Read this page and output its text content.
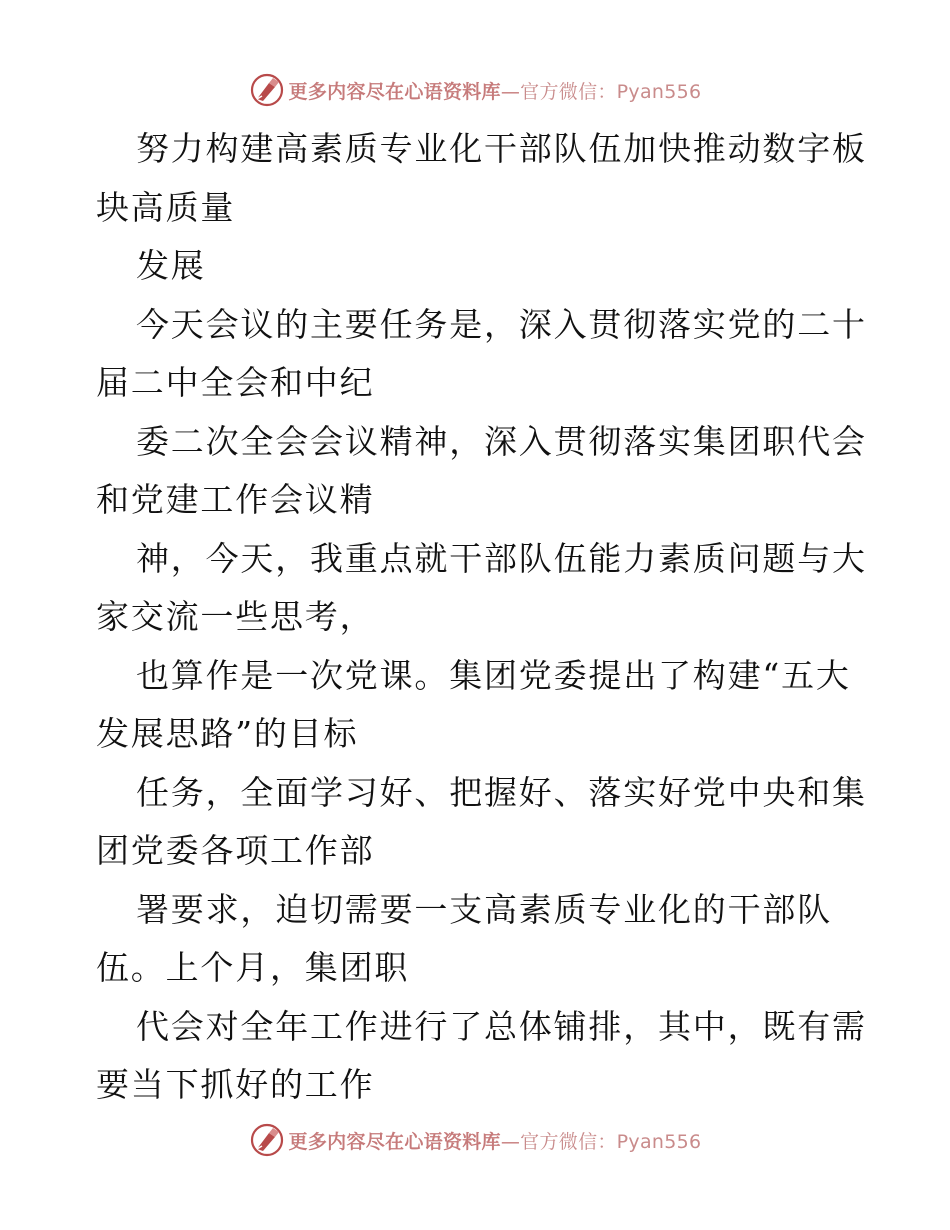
更多内容尽在心语资料库—官方微信：Pyan556
努力构建高素质专业化干部队伍加快推动数字板
块高质量
发展
今天会议的主要任务是，深入贯彻落实党的二十
届二中全会和中纪
委二次全会会议精神，深入贯彻落实集团职代会
和党建工作会议精
神，今天，我重点就干部队伍能力素质问题与大
家交流一些思考，
也算作是一次党课。集团党委提出了构建“五大
发展思路”的目标
任务，全面学习好、把握好、落实好党中央和集
团党委各项工作部
署要求，迫切需要一支高素质专业化的干部队
伍。上个月，集团职
代会对全年工作进行了总体铺排，其中，既有需
要当下抓好的工作
更多内容尽在心语资料库—官方微信：Pyan556
